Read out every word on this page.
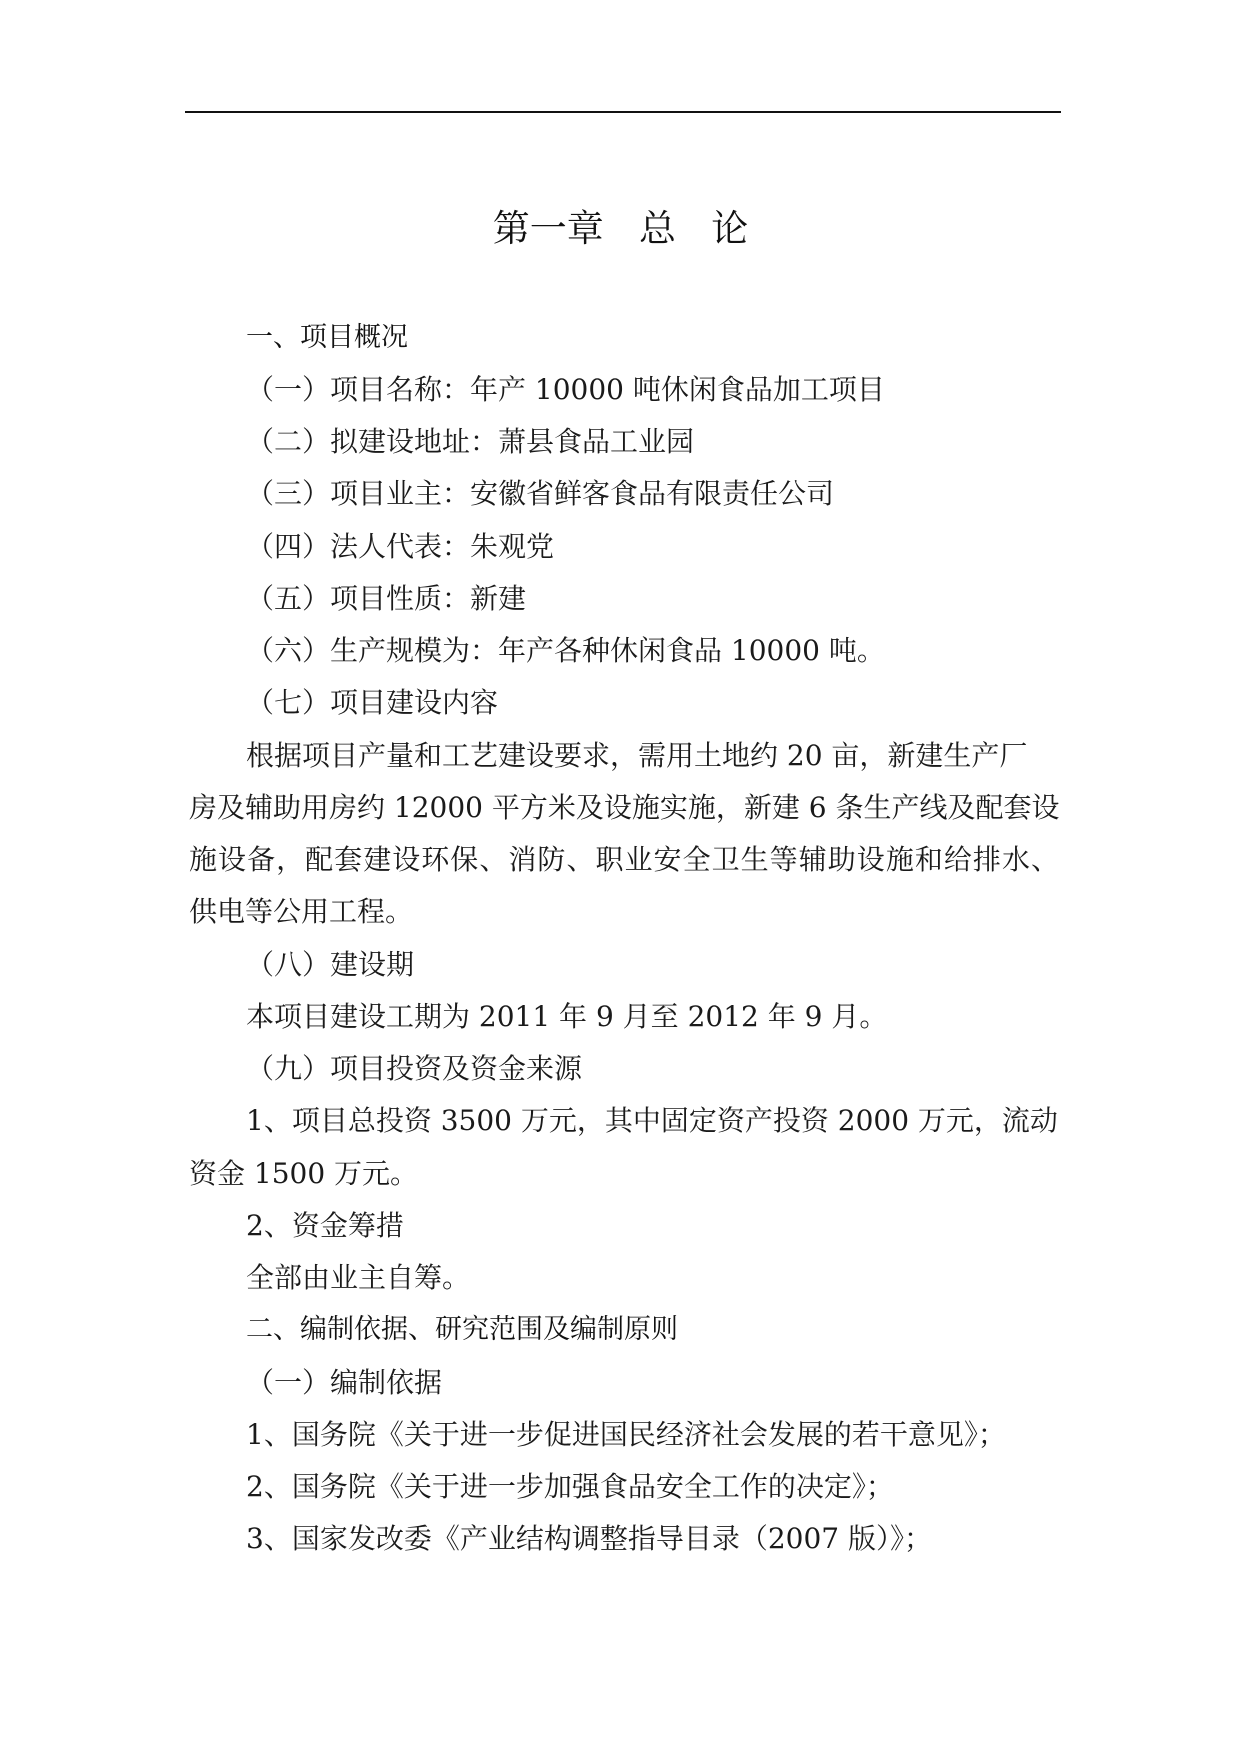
第一章   总   论

一、项目概况

（一）项目名称：年产 10000 吨休闲食品加工项目

（二）拟建设地址：萧县食品工业园

（三）项目业主：安徽省鲜客食品有限责任公司

（四）法人代表：朱观党

（五）项目性质：新建

（六）生产规模为：年产各种休闲食品 10000 吨。

（七）项目建设内容

根据项目产量和工艺建设要求，需用土地约 20 亩，新建生产厂

房及辅助用房约 12000 平方米及设施实施，新建 6 条生产线及配套设

施设备，配套建设环保、消防、职业安全卫生等辅助设施和给排水、

供电等公用工程。

（八）建设期

本项目建设工期为 2011 年 9 月至 2012 年 9 月。

（九）项目投资及资金来源

1、项目总投资 3500 万元，其中固定资产投资 2000 万元，流动

资金 1500 万元。

2、资金筹措

全部由业主自筹。

二、编制依据、研究范围及编制原则

（一）编制依据

1、国务院《关于进一步促进国民经济社会发展的若干意见》；

2、国务院《关于进一步加强食品安全工作的决定》；

3、国家发改委《产业结构调整指导目录（2007 版）》；
